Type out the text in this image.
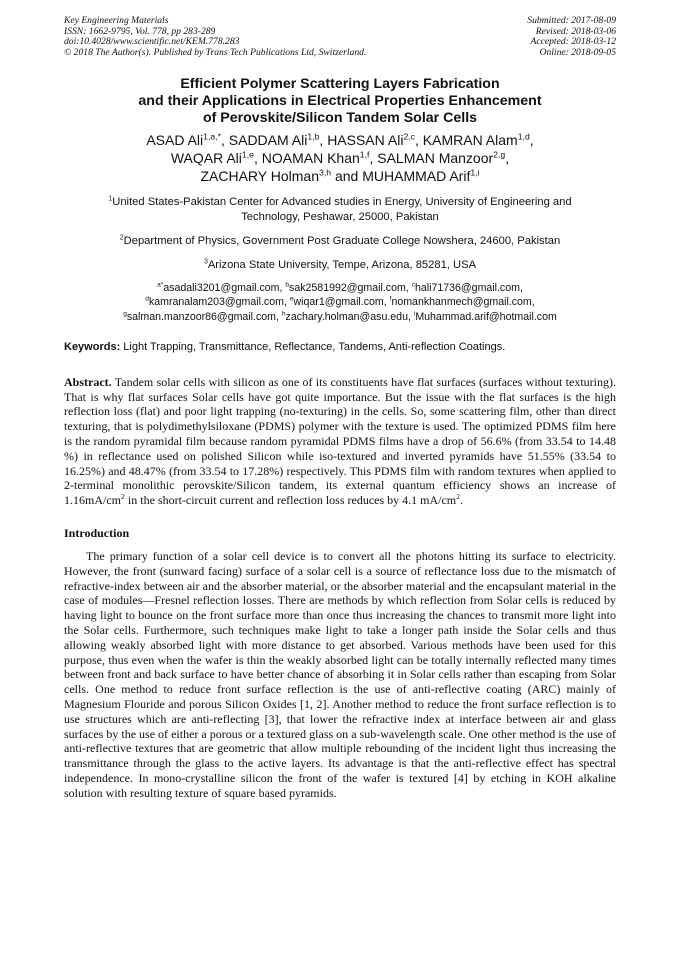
Key Engineering Materials
ISSN: 1662-9795, Vol. 778, pp 283-289
doi:10.4028/www.scientific.net/KEM.778.283
© 2018 The Author(s). Published by Trans Tech Publications Ltd, Switzerland.
Submitted: 2017-08-09
Revised: 2018-03-06
Accepted: 2018-03-12
Online: 2018-09-05
Efficient Polymer Scattering Layers Fabrication
and their Applications in Electrical Properties Enhancement
of Perovskite/Silicon Tandem Solar Cells
ASAD Ali$^{1,a,*}$, SADDAM Ali$^{1,b}$, HASSAN Ali$^{2,c}$, KAMRAN Alam$^{1,d}$,
WAQAR Ali$^{1,e}$, NOAMAN Khan$^{1,f}$, SALMAN Manzoor$^{2,g}$,
ZACHARY Holman$^{3,h}$ and MUHAMMAD Arif$^{1,i}$
$^1$United States-Pakistan Center for Advanced studies in Energy, University of Engineering and
Technology, Peshawar, 25000, Pakistan
$^2$Department of Physics, Government Post Graduate College Nowshera, 24600, Pakistan
$^3$Arizona State University, Tempe, Arizona, 85281, USA
$^{a*}$asadali3201@gmail.com, $^b$sak2581992@gmail.com, $^c$hali71736@gmail.com,
$^d$kamranalam203@gmail.com, $^e$wiqar1@gmail.com, $^f$nomankhanmech@gmail.com,
$^g$salman.manzoor86@gmail.com, $^h$zachary.holman@asu.edu, $^i$Muhammad.arif@hotmail.com
Keywords: Light Trapping, Transmittance, Reflectance, Tandems, Anti-reflection Coatings.
Abstract. Tandem solar cells with silicon as one of its constituents have flat surfaces (surfaces without texturing). That is why flat surfaces Solar cells have got quite importance. But the issue with the flat surfaces is the high reflection loss (flat) and poor light trapping (no-texturing) in the cells. So, some scattering film, other than direct texturing, that is polydimethylsiloxane (PDMS) polymer with the texture is used. The optimized PDMS film here is the random pyramidal film because random pyramidal PDMS films have a drop of 56.6% (from 33.54 to 14.48 %) in reflectance used on polished Silicon while iso-textured and inverted pyramids have 51.55% (33.54 to 16.25%) and 48.47% (from 33.54 to 17.28%) respectively. This PDMS film with random textures when applied to 2-terminal monolithic perovskite/Silicon tandem, its external quantum efficiency shows an increase of $1.16mA/cm^2$ in the short-circuit current and reflection loss reduces by 4.1 $mA/cm^2$.
Introduction
The primary function of a solar cell device is to convert all the photons hitting its surface to electricity. However, the front (sunward facing) surface of a solar cell is a source of reflectance loss due to the mismatch of refractive-index between air and the absorber material, or the absorber material and the encapsulant material in the case of modules—Fresnel reflection losses. There are methods by which reflection from Solar cells is reduced by having light to bounce on the front surface more than once thus increasing the chances to transmit more light into the Solar cells. Furthermore, such techniques make light to take a longer path inside the Solar cells and thus allowing weakly absorbed light with more distance to get absorbed. Various methods have been used for this purpose, thus even when the wafer is thin the weakly absorbed light can be totally internally reflected many times between front and back surface to have better chance of absorbing it in Solar cells rather than escaping from Solar cells. One method to reduce front surface reflection is the use of anti-reflective coating (ARC) mainly of Magnesium Flouride and porous Silicon Oxides [1, 2]. Another method to reduce the front surface reflection is to use structures which are anti-reflecting [3], that lower the refractive index at interface between air and glass surfaces by the use of either a porous or a textured glass on a sub-wavelength scale. One other method is the use of anti-reflective textures that are geometric that allow multiple rebounding of the incident light thus increasing the transmittance through the glass to the active layers. Its advantage is that the anti-reflective effect has spectral independence. In mono-crystalline silicon the front of the wafer is textured [4] by etching in KOH alkaline solution with resulting texture of square based pyramids.
